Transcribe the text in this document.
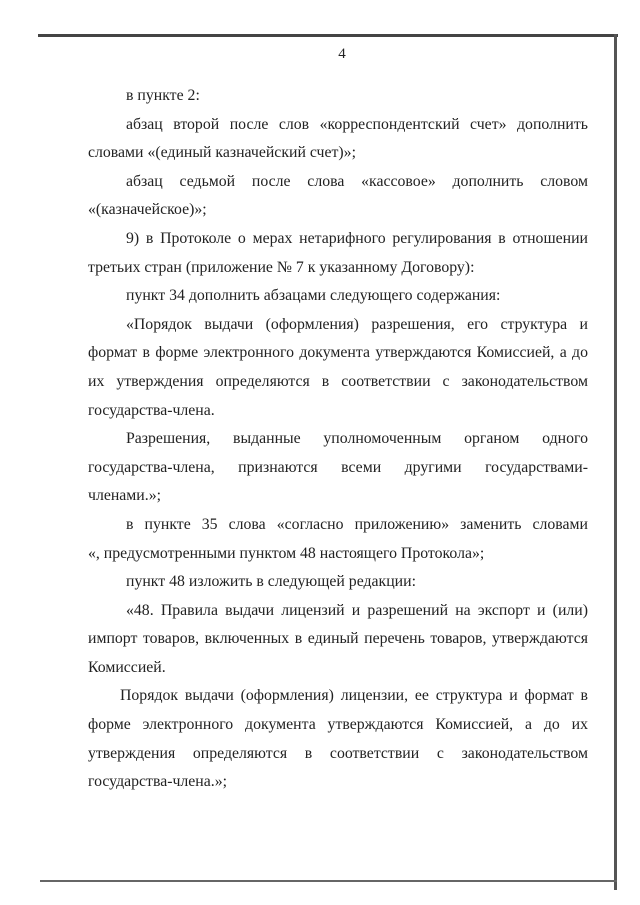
4
в пункте 2:
абзац второй после слов «корреспондентский счет» дополнить
словами «(единый казначейский счет)»;
абзац седьмой после слова «кассовое» дополнить словом
«(казначейское)»;
9) в Протоколе о мерах нетарифного регулирования в отношении
третьих стран (приложение № 7 к указанному Договору):
пункт 34 дополнить абзацами следующего содержания:
«Порядок выдачи (оформления) разрешения, его структура и
формат в форме электронного документа утверждаются Комиссией, а до
их утверждения определяются в соответствии с законодательством
государства-члена.
Разрешения, выданные уполномоченным органом одного
государства-члена, признаются всеми другими государствами-
членами.»;
в пункте 35 слова «согласно приложению» заменить словами
«, предусмотренными пунктом 48 настоящего Протокола»;
пункт 48 изложить в следующей редакции:
«48. Правила выдачи лицензий и разрешений на экспорт и (или)
импорт товаров, включенных в единый перечень товаров, утверждаются
Комиссией.
Порядок выдачи (оформления) лицензии, ее структура и формат в
форме электронного документа утверждаются Комиссией, а до их
утверждения определяются в соответствии с законодательством
государства-члена.»;
